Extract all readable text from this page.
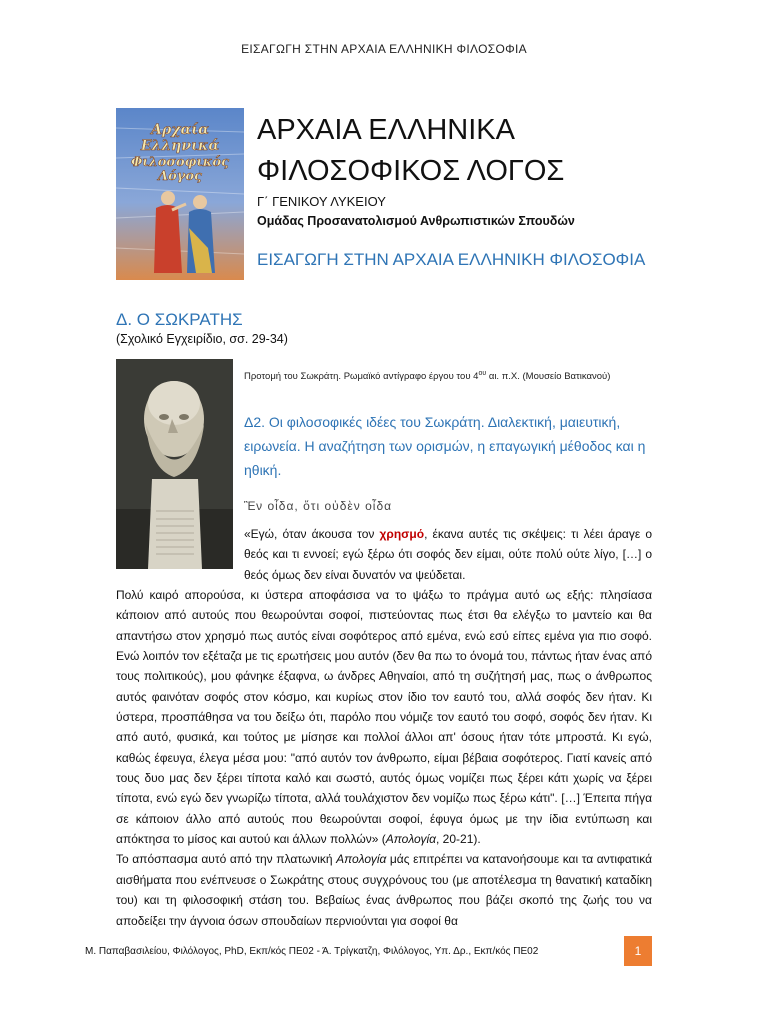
ΕΙΣΑΓΩΓΗ ΣΤΗΝ ΑΡΧΑΙΑ ΕΛΛΗΝΙΚΗ ΦΙΛΟΣΟΦΙΑ
Αρχαία
Ελληνικά
Φιλοσοφικός
Λόγος
ΑΡΧΑΙΑ ΕΛΛΗΝΙΚΑ
ΦΙΛΟΣΟΦΙΚΟΣ ΛΟΓΟΣ
Γ΄ ΓΕΝΙΚΟΥ ΛΥΚΕΙΟΥ
Ομάδας Προσανατολισμού Ανθρωπιστικών Σπουδών
ΕΙΣΑΓΩΓΗ ΣΤΗΝ ΑΡΧΑΙΑ ΕΛΛΗΝΙΚΗ ΦΙΛΟΣΟΦΙΑ
Δ. Ο ΣΩΚΡΑΤΗΣ
(Σχολικό Εγχειρίδιο, σσ. 29-34)
Προτομή του Σωκράτη. Ρωμαϊκό αντίγραφο έργου του $4^{o\upsilon}$ αι. π.Χ. (Μουσείο Βατικανού)
Δ2. Οι φιλοσοφικές ιδέες του Σωκράτη. Διαλεκτική, μαιευτική, ειρωνεία. Η αναζήτηση των ορισμών, η επαγωγική μέθοδος και η ηθική.
Ἓν οἶδα, ὅτι οὐδὲν οἶδα
«Εγώ, όταν άκουσα τον χρησμό, έκανα αυτές τις σκέψεις: τι λέει άραγε ο θεός και τι εννοεί; εγώ ξέρω ότι σοφός δεν είμαι, ούτε πολύ ούτε λίγο, […] ο θεός όμως δεν είναι δυνατόν να ψεύδεται.
Πολύ καιρό απορούσα, κι ύστερα αποφάσισα να το ψάξω το πράγμα αυτό ως εξής: πλησίασα κάποιον από αυτούς που θεωρούνται σοφοί, πιστεύοντας πως έτσι θα ελέγξω το μαντείο και θα απαντήσω στον χρησμό πως αυτός είναι σοφότερος από εμένα, ενώ εσύ είπες εμένα για πιο σοφό. Ενώ λοιπόν τον εξέταζα με τις ερωτήσεις μου αυτόν (δεν θα πω το όνομά του, πάντως ήταν ένας από τους πολιτικούς), μου φάνηκε έξαφνα, ω άνδρες Αθηναίοι, από τη συζήτησή μας, πως ο άνθρωπος αυτός φαινόταν σοφός στον κόσμο, και κυρίως στον ίδιο τον εαυτό του, αλλά σοφός δεν ήταν. Κι ύστερα, προσπάθησα να του δείξω ότι, παρόλο που νόμιζε τον εαυτό του σοφό, σοφός δεν ήταν. Κι από αυτό, φυσικά, και τούτος με μίσησε και πολλοί άλλοι απ' όσους ήταν τότε μπροστά. Κι εγώ, καθώς έφευγα, έλεγα μέσα μου: "από αυτόν τον άνθρωπο, είμαι βέβαια σοφότερος. Γιατί κανείς από τους δυο μας δεν ξέρει τίποτα καλό και σωστό, αυτός όμως νομίζει πως ξέρει κάτι χωρίς να ξέρει τίποτα, ενώ εγώ δεν γνωρίζω τίποτα, αλλά τουλάχιστον δεν νομίζω πως ξέρω κάτι". […] Έπειτα πήγα σε κάποιον άλλο από αυτούς που θεωρούνται σοφοί, έφυγα όμως με την ίδια εντύπωση και απόκτησα το μίσος και αυτού και άλλων πολλών» (Απολογία, 20-21).
Το απόσπασμα αυτό από την πλατωνική Απολογία μάς επιτρέπει να κατανοήσουμε και τα αντιφατικά αισθήματα που ενέπνευσε ο Σωκράτης στους συγχρόνους του (με αποτέλεσμα τη θανατική καταδίκη του) και τη φιλοσοφική στάση του. Βεβαίως ένας άνθρωπος που βάζει σκοπό της ζωής του να αποδείξει την άγνοια όσων σπουδαίων περνιούνται για σοφοί θα
Μ. Παπαβασιλείου, Φιλόλογος, PhD, Εκπ/κός ΠΕ02 - Ά. Τρίγκατζη, Φιλόλογος, Υπ. Δρ., Εκπ/κός ΠΕ02	1
